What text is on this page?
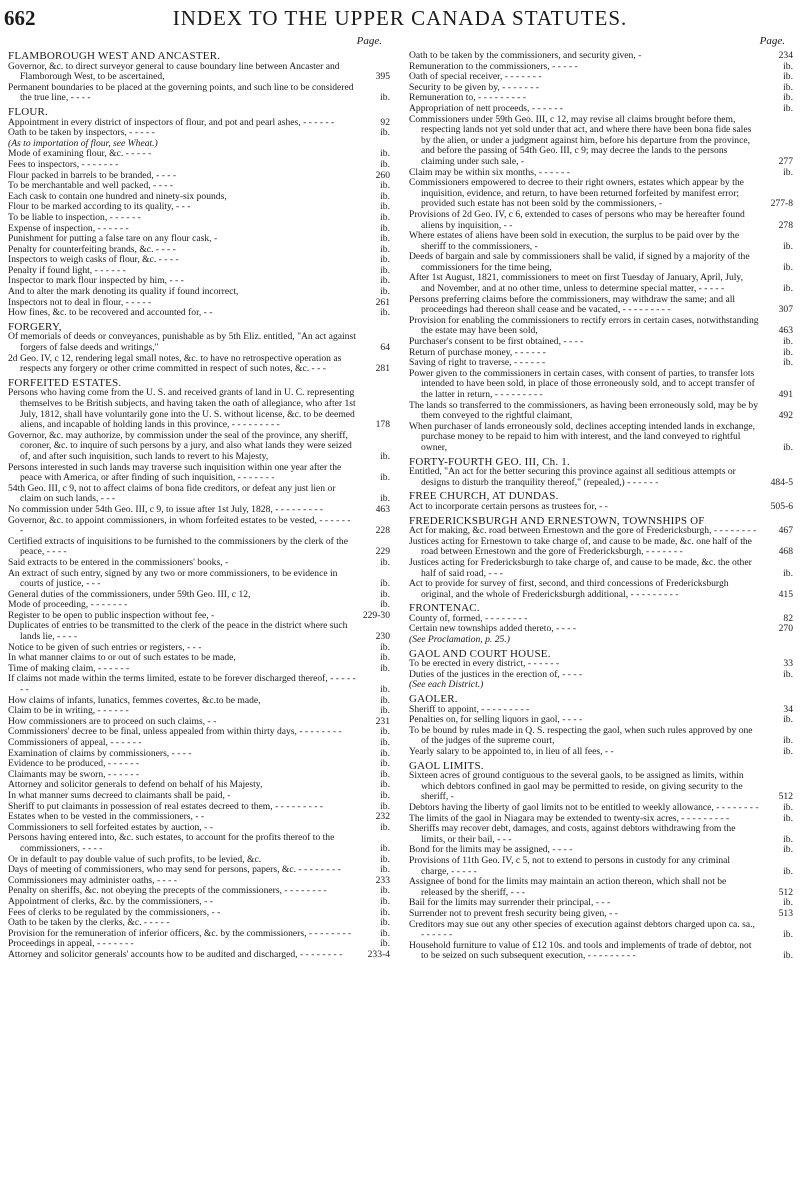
662	INDEX TO THE UPPER CANADA STATUTES.
Page.
FLAMBOROUGH WEST AND ANCASTER.
Governor, &c. to direct surveyor general to cause boundary line between Ancaster and Flamborough West, to be ascertained,	395
Permanent boundaries to be placed at the governing points, and such line to be considered the true line, - - - -	ib.
FLOUR.
Appointment in every district of inspectors of flour, and pot and pearl ashes, - - - - - -	92
Oath to be taken by inspectors, - - - - -	ib.
(As to importation of flour, see Wheat.)
Mode of examining flour, &c. - - - - -	ib.
Fees to inspectors, - - - - - - -	ib.
Flour packed in barrels to be branded, - - - -	260
To be merchantable and well packed, - - - -	ib.
Each cask to contain one hundred and ninety-six pounds,	ib.
Flour to be marked according to its quality, - - -	ib.
To be liable to inspection, - - - - - -	ib.
Expense of inspection, - - - - - -	ib.
Punishment for putting a false tare on any flour cask, -	ib.
Penalty for counterfeiting brands, &c. - - - -	ib.
Inspectors to weigh casks of flour, &c. - - - -	ib.
Penalty if found light, - - - - - -	ib.
Inspector to mark flour inspected by him, - - -	ib.
And to alter the mark denoting its quality if found incorrect,	ib.
Inspectors not to deal in flour, - - - - -	261
How fines, &c. to be recovered and accounted for, - -	ib.
FORGERY,
Of memorials of deeds or conveyances, punishable as by 5th Eliz. entitled, "An act against forgers of false deeds and writings,"	64
2d Geo. IV, c 12, rendering legal small notes, &c. to have no retrospective operation as respects any forgery or other crime committed in respect of such notes, &c. - - -	281
FORFEITED ESTATES.
Persons who having come from the U. S. and received grants of land in U. C. representing themselves to be British subjects, and having taken the oath of allegiance, who after 1st July, 1812, shall have voluntarily gone into the U. S. without license, &c. to be deemed aliens, and incapable of holding lands in this province, - - - - - - - - -	178
Governor, &c. may authorize, by commission under the seal of the province, any sheriff, coroner, &c. to inquire of such persons by a jury, and also what lands they were seized of, and after such inquisition, such lands to revert to his Majesty,	ib.
Persons interested in such lands may traverse such inquisition within one year after the peace with America, or after finding of such inquisition, - - - - - - -	ib.
54th Geo. III, c 9, not to affect claims of bona fide creditors, or defeat any just lien or claim on such lands, - - -	ib.
No commission under 54th Geo. III, c 9, to issue after 1st July, 1828, - - - - - - - - -	463
Governor, &c. to appoint commissioners, in whom forfeited estates to be vested, - - - - - - -	228
Certified extracts of inquisitions to be furnished to the commissioners by the clerk of the peace, - - - -	229
Said extracts to be entered in the commissioners' books, -	ib.
An extract of such entry, signed by any two or more commissioners, to be evidence in courts of justice, - - -	ib.
General duties of the commissioners, under 59th Geo. III, c 12,	ib.
Mode of proceeding, - - - - - - -	ib.
Register to be open to public inspection without fee, -	229-30
Duplicates of entries to be transmitted to the clerk of the peace in the district where such lands lie, - - - -	230
Notice to be given of such entries or registers, - - -	ib.
In what manner claims to or out of such estates to be made,	ib.
Time of making claim, - - - - - -	ib.
If claims not made within the terms limited, estate to be forever discharged thereof, - - - - - - -	ib.
How claims of infants, lunatics, femmes covertes, &c.to be made,	ib.
Claim to be in writing, - - - - - -	ib.
How commissioners are to proceed on such claims, - -	231
Commissioners' decree to be final, unless appealed from within thirty days, - - - - - - - -	ib.
Commissioners of appeal, - - - - - -	ib.
Examination of claims by commissioners, - - - -	ib.
Evidence to be produced, - - - - - -	ib.
Claimants may be sworn, - - - - - -	ib.
Attorney and solicitor generals to defend on behalf of his Majesty,	ib.
In what manner sums decreed to claimants shall be paid, -	ib.
Sheriff to put claimants in possession of real estates decreed to them, - - - - - - - - -	ib.
Estates when to be vested in the commissioners, - -	232
Commissioners to sell forfeited estates by auction, - -	ib.
Persons having entered into, &c. such estates, to account for the profits thereof to the commissioners, - - - -	ib.
Or in default to pay double value of such profits, to be levied, &c.	ib.
Days of meeting of commissioners, who may send for persons, papers, &c. - - - - - - - -	ib.
Commissioners may administer oaths, - - - -	233
Penalty on sheriffs, &c. not obeying the precepts of the commissioners, - - - - - - - -	ib.
Appointment of clerks, &c. by the commissioners, - -	ib.
Fees of clerks to be regulated by the commissioners, - -	ib.
Oath to be taken by the clerks, &c. - - - - -	ib.
Provision for the remuneration of inferior officers, &c. by the commissioners, - - - - - - - -	ib.
Proceedings in appeal, - - - - - - -	ib.
Attorney and solicitor generals' accounts how to be audited and discharged, - - - - - - - -	233-4
Page.
Oath to be taken by the commissioners, and security given, -	234
Remuneration to the commissioners, - - - - -	ib.
Oath of special receiver, - - - - - - -	ib.
Security to be given by, - - - - - - -	ib.
Remuneration to, - - - - - - - - -	ib.
Appropriation of nett proceeds, - - - - - -	ib.
Commissioners under 59th Geo. III, c 12, may revise all claims brought before them, respecting lands not yet sold under that act, and where there have been bona fide sales by the alien, or under a judgment against him, before his departure from the province, and before the passing of 54th Geo. III, c 9; may decree the lands to the persons claiming under such sale, -	277
Claim may be within six months, - - - - - -	ib.
Commissioners empowered to decree to their right owners, estates which appear by the inquisition, evidence, and return, to have been returned forfeited by manifest error; provided such estate has not been sold by the commissioners, -	277-8
Provisions of 2d Geo. IV, c 6, extended to cases of persons who may be hereafter found aliens by inquisition, - -	278
Where estates of aliens have been sold in execution, the surplus to be paid over by the sheriff to the commissioners, -	ib.
Deeds of bargain and sale by commissioners shall be valid, if signed by a majority of the commissioners for the time being,	ib.
After 1st August, 1821, commissioners to meet on first Tuesday of January, April, July, and November, and at no other time, unless to determine special matter, - - - - -	ib.
Persons preferring claims before the commissioners, may withdraw the same; and all proceedings had thereon shall cease and be vacated, - - - - - - - - -	307
Provision for enabling the commissioners to rectify errors in certain cases, notwithstanding the estate may have been sold,	463
Purchaser's consent to be first obtained, - - - -	ib.
Return of purchase money, - - - - - -	ib.
Saving of right to traverse, - - - - - -	ib.
Power given to the commissioners in certain cases, with consent of parties, to transfer lots intended to have been sold, in place of those erroneously sold, and to accept transfer of the latter in return, - - - - - - - - -	491
The lands so transferred to the commissioners, as having been erroneously sold, may be by them conveyed to the rightful claimant,	492
When purchaser of lands erroneously sold, declines accepting intended lands in exchange, purchase money to be repaid to him with interest, and the land conveyed to rightful owner,	ib.
FORTY-FOURTH GEO. III, Ch. 1.
Entitled, "An act for the better securing this province against all seditious attempts or designs to disturb the tranquility thereof," (repealed,) - - - - - -	484-5
FREE CHURCH, AT DUNDAS.
Act to incorporate certain persons as trustees for, - -	505-6
FREDERICKSBURGH AND ERNESTOWN, TOWNSHIPS OF
Act for making, &c. road between Ernestown and the gore of Fredericksburgh, - - - - - - - -	467
Justices acting for Ernestown to take charge of, and cause to be made, &c. one half of the road between Ernestown and the gore of Fredericksburgh, - - - - - - -	468
Justices acting for Fredericksburgh to take charge of, and cause to be made, &c. the other half of said road, - - -	ib.
Act to provide for survey of first, second, and third concessions of Fredericksburgh original, and the whole of Fredericksburgh additional, - - - - - - - - -	415
FRONTENAC.
County of, formed, - - - - - - - -	82
Certain new townships added thereto, - - - -	270
(See Proclamation, p. 25.)
GAOL AND COURT HOUSE.
To be erected in every district, - - - - - -	33
Duties of the justices in the erection of, - - - -	ib.
(See each District.)
GAOLER.
Sheriff to appoint, - - - - - - - - -	34
Penalties on, for selling liquors in gaol, - - - -	ib.
To be bound by rules made in Q. S. respecting the gaol, when such rules approved by one of the judges of the supreme court,	ib.
Yearly salary to be appointed to, in lieu of all fees, - -	ib.
GAOL LIMITS.
Sixteen acres of ground contiguous to the several gaols, to be assigned as limits, within which debtors confined in gaol may be permitted to reside, on giving security to the sheriff, -	512
Debtors having the liberty of gaol limits not to be entitled to weekly allowance, - - - - - - - -	ib.
The limits of the gaol in Niagara may be extended to twenty-six acres, - - - - - - - - -	ib.
Sheriffs may recover debt, damages, and costs, against debtors withdrawing from the limits, or their bail, - - -	ib.
Bond for the limits may be assigned, - - - -	ib.
Provisions of 11th Geo. IV, c 5, not to extend to persons in custody for any criminal charge, - - - - -	ib.
Assignee of bond for the limits may maintain an action thereon, which shall not be released by the sheriff, - - -	512
Bail for the limits may surrender their principal, - - -	ib.
Surrender not to prevent fresh security being given, - -	513
Creditors may sue out any other species of execution against debtors charged upon ca. sa., - - - - - -	ib.
Household furniture to value of £12 10s. and tools and implements of trade of debtor, not to be seized on such subsequent execution, - - - - - - - - -	ib.
